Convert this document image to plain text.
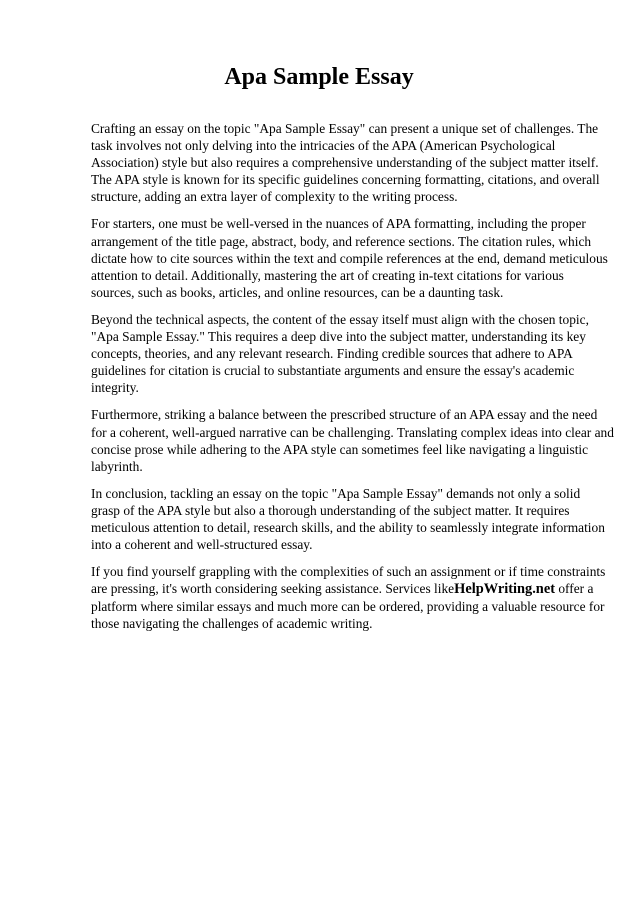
Apa Sample Essay

Crafting an essay on the topic "Apa Sample Essay" can present a unique set of challenges. The
task involves not only delving into the intricacies of the APA (American Psychological
Association) style but also requires a comprehensive understanding of the subject matter itself.
The APA style is known for its specific guidelines concerning formatting, citations, and overall
structure, adding an extra layer of complexity to the writing process.

For starters, one must be well-versed in the nuances of APA formatting, including the proper
arrangement of the title page, abstract, body, and reference sections. The citation rules, which
dictate how to cite sources within the text and compile references at the end, demand meticulous
attention to detail. Additionally, mastering the art of creating in-text citations for various
sources, such as books, articles, and online resources, can be a daunting task.

Beyond the technical aspects, the content of the essay itself must align with the chosen topic,
"Apa Sample Essay." This requires a deep dive into the subject matter, understanding its key
concepts, theories, and any relevant research. Finding credible sources that adhere to APA
guidelines for citation is crucial to substantiate arguments and ensure the essay's academic
integrity.

Furthermore, striking a balance between the prescribed structure of an APA essay and the need
for a coherent, well-argued narrative can be challenging. Translating complex ideas into clear and
concise prose while adhering to the APA style can sometimes feel like navigating a linguistic
labyrinth.

In conclusion, tackling an essay on the topic "Apa Sample Essay" demands not only a solid
grasp of the APA style but also a thorough understanding of the subject matter. It requires
meticulous attention to detail, research skills, and the ability to seamlessly integrate information
into a coherent and well-structured essay.

If you find yourself grappling with the complexities of such an assignment or if time constraints
are pressing, it's worth considering seeking assistance. Services likeHelpWriting.net offer a
platform where similar essays and much more can be ordered, providing a valuable resource for
those navigating the challenges of academic writing.
